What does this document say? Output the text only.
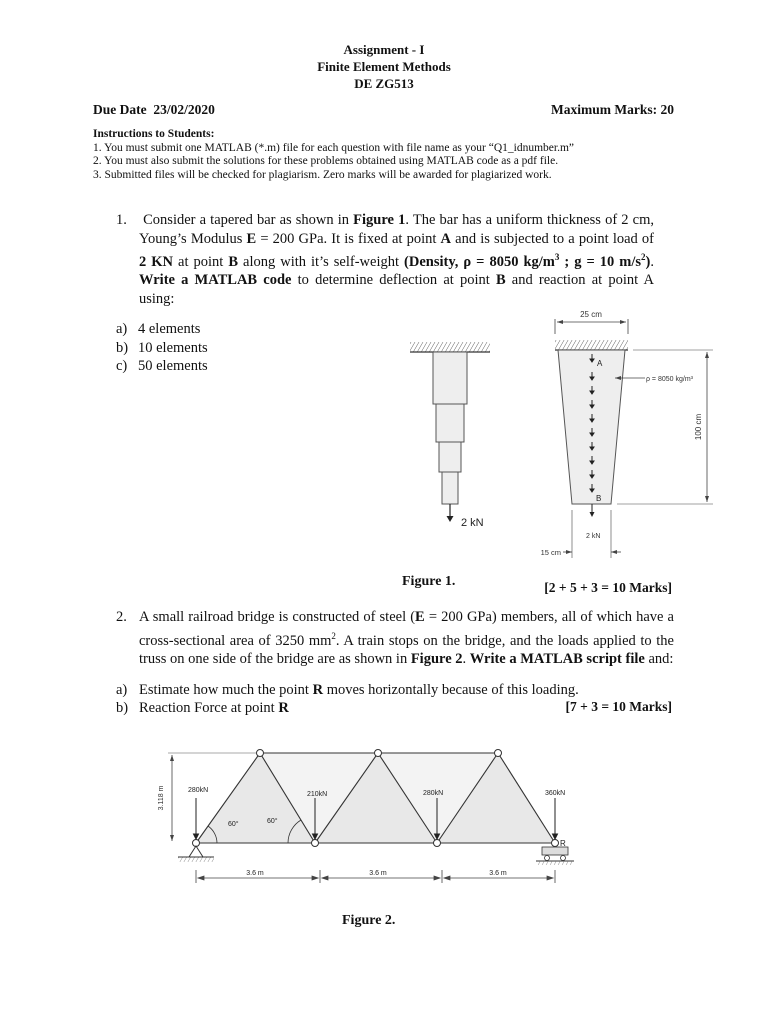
Assignment - I
Finite Element Methods
DE ZG513
Due Date  23/02/2020	Maximum Marks: 20
Instructions to Students:
1. You must submit one MATLAB (*.m) file for each question with file name as your “Q1_idnumber.m”
2. You must also submit the solutions for these problems obtained using MATLAB code as a pdf file.
3. Submitted files will be checked for plagiarism. Zero marks will be awarded for plagiarized work.
1. Consider a tapered bar as shown in Figure 1. The bar has a uniform thickness of 2 cm, Young’s Modulus E = 200 GPa. It is fixed at point A and is subjected to a point load of 2 KN at point B along with it’s self-weight (Density, ρ = 8050 $kg/m^3$ ; g = 10 $m/s^2$). Write a MATLAB code to determine deflection at point B and reaction at point A using:
a) 4 elements
b) 10 elements
c) 50 elements
2 kN
25 cm
A
B
ρ = 8050 kg/m³
100 cm
2 kN
15 cm
Figure 1.	[2 + 5 + 3 = 10 Marks]
2. A small railroad bridge is constructed of steel (E = 200 GPa) members, all of which have a cross-sectional area of 3250 $mm^2$. A train stops on the bridge, and the loads applied to the truss on one side of the bridge are as shown in Figure 2. Write a MATLAB script file and:
a) Estimate how much the point R moves horizontally because of this loading.
b) Reaction Force at point R	[7 + 3 = 10 Marks]
R
3.118 m	280kN
210kN	280kN	360kN
60°	60°
3.6 m	3.6 m	3.6 m
Figure 2.
